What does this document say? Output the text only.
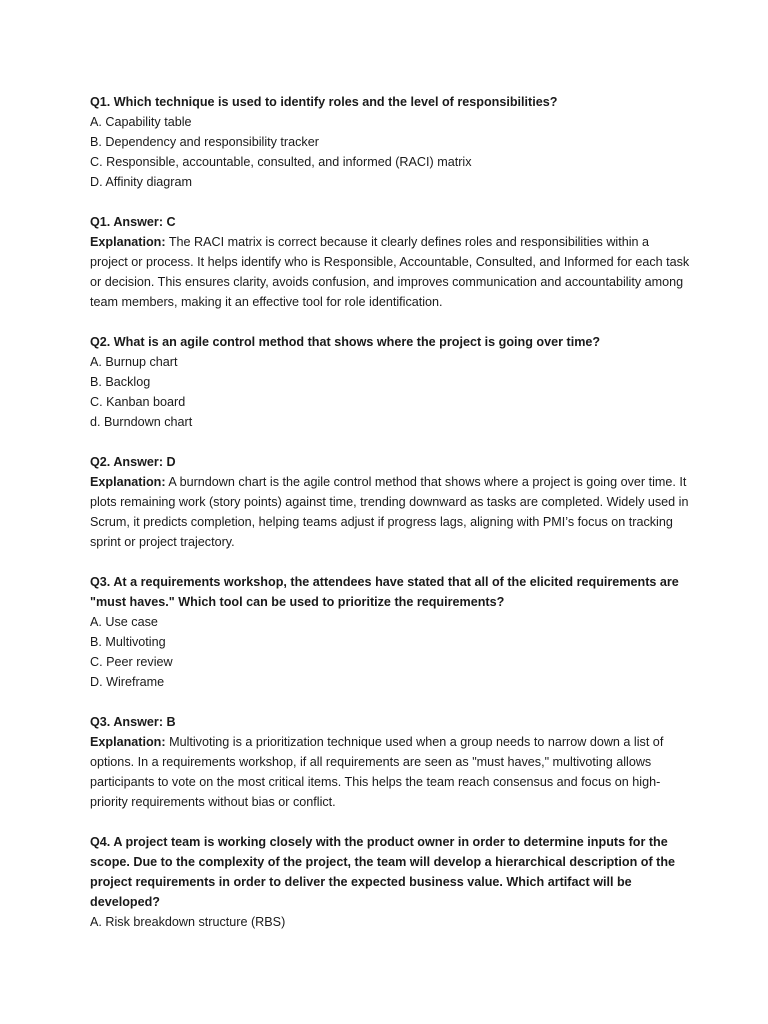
Q1. Which technique is used to identify roles and the level of responsibilities?
A. Capability table
B. Dependency and responsibility tracker
C. Responsible, accountable, consulted, and informed (RACI) matrix
D. Affinity diagram
Q1. Answer: C
Explanation: The RACI matrix is correct because it clearly defines roles and responsibilities within a project or process. It helps identify who is Responsible, Accountable, Consulted, and Informed for each task or decision. This ensures clarity, avoids confusion, and improves communication and accountability among team members, making it an effective tool for role identification.
Q2. What is an agile control method that shows where the project is going over time?
A. Burnup chart
B. Backlog
C. Kanban board
d. Burndown chart
Q2. Answer: D
Explanation: A burndown chart is the agile control method that shows where a project is going over time. It plots remaining work (story points) against time, trending downward as tasks are completed. Widely used in Scrum, it predicts completion, helping teams adjust if progress lags, aligning with PMI’s focus on tracking sprint or project trajectory.
Q3. At a requirements workshop, the attendees have stated that all of the elicited requirements are "must haves." Which tool can be used to prioritize the requirements?
A. Use case
B. Multivoting
C. Peer review
D. Wireframe
Q3. Answer: B
Explanation: Multivoting is a prioritization technique used when a group needs to narrow down a list of options. In a requirements workshop, if all requirements are seen as "must haves," multivoting allows participants to vote on the most critical items. This helps the team reach consensus and focus on high-priority requirements without bias or conflict.
Q4. A project team is working closely with the product owner in order to determine inputs for the scope. Due to the complexity of the project, the team will develop a hierarchical description of the project requirements in order to deliver the expected business value. Which artifact will be developed?
A. Risk breakdown structure (RBS)
